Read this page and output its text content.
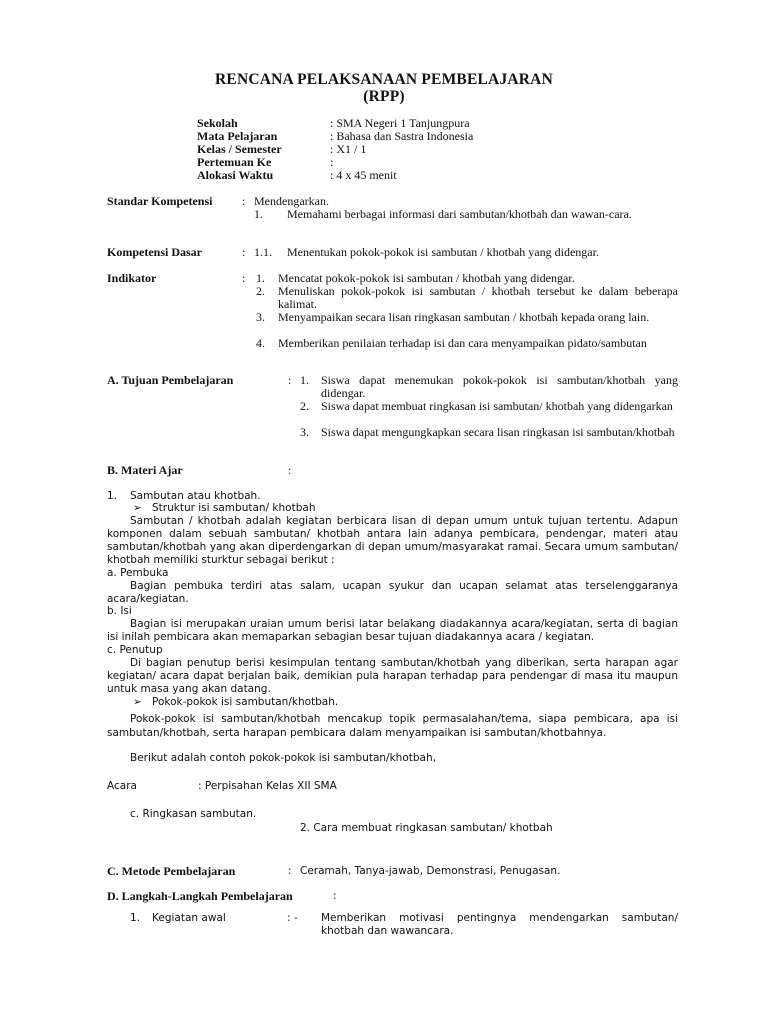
RENCANA PELAKSANAAN PEMBELAJARAN
(RPP)
Sekolah	: SMA Negeri 1 Tanjungpura
Mata Pelajaran	: Bahasa dan Sastra Indonesia
Kelas / Semester	: X1 / 1
Pertemuan Ke	:
Alokasi Waktu	: 4 x 45 menit
Standar Kompetensi : Mendengarkan.
1. Memahami berbagai informasi dari sambutan/khotbah dan wawan-cara.
Kompetensi Dasar	: 1.1. Menentukan pokok-pokok isi sambutan / khotbah yang didengar.
Indikator	: 1. Mencatat pokok-pokok isi sambutan / khotbah yang didengar.
2. Menuliskan pokok-pokok isi sambutan / khotbah tersebut ke dalam beberapa kalimat.
3. Menyampaikan secara lisan ringkasan sambutan / khotbah kepada orang lain.
4. Memberikan penilaian terhadap isi dan cara menyampaikan pidato/sambutan
A. Tujuan Pembelajaran	: 1. Siswa dapat menemukan pokok-pokok isi sambutan/khotbah yang didengar.
2. Siswa dapat membuat ringkasan isi sambutan/ khotbah yang didengarkan
3. Siswa dapat mengungkapkan secara lisan ringkasan isi sambutan/khotbah
B. Materi Ajar	:
1. Sambutan atau khotbah.
➢ Struktur isi sambutan/ khotbah
Sambutan / khotbah adalah kegiatan berbicara lisan di depan umum untuk tujuan tertentu. Adapun komponen dalam sebuah sambutan/ khotbah antara lain adanya pembicara, pendengar, materi atau sambutan/khotbah yang akan diperdengarkan di depan umum/masyarakat ramai. Secara umum sambutan/ khotbah memiliki sturktur sebagai berikut :
a. Pembuka
Bagian pembuka terdiri atas salam, ucapan syukur dan ucapan selamat atas terselenggaranya acara/kegiatan.
b. Isi
Bagian isi merupakan uraian umum berisi latar belakang diadakannya acara/kegiatan, serta di bagian isi inilah pembicara akan memaparkan sebagian besar tujuan diadakannya acara / kegiatan.
c. Penutup
Di bagian penutup berisi kesimpulan tentang sambutan/khotbah yang diberikan, serta harapan agar kegiatan/ acara dapat berjalan baik, demikian pula harapan terhadap para pendengar di masa itu maupun untuk masa yang akan datang.
➢ Pokok-pokok isi sambutan/khotbah.
Pokok-pokok isi sambutan/khotbah mencakup topik permasalahan/tema, siapa pembicara, apa isi sambutan/khotbah, serta harapan pembicara dalam menyampaikan isi sambutan/khotbahnya.
Berikut adalah contoh pokok-pokok isi sambutan/khotbah,
Acara	: Perpisahan Kelas XII SMA
c. Ringkasan sambutan.
2. Cara membuat ringkasan sambutan/ khotbah
C. Metode Pembelajaran	: Ceramah, Tanya-jawab, Demonstrasi, Penugasan.
D. Langkah-Langkah Pembelajaran	:
1. Kegiatan awal	: - Memberikan motivasi pentingnya mendengarkan sambutan/ khotbah dan wawancara.
